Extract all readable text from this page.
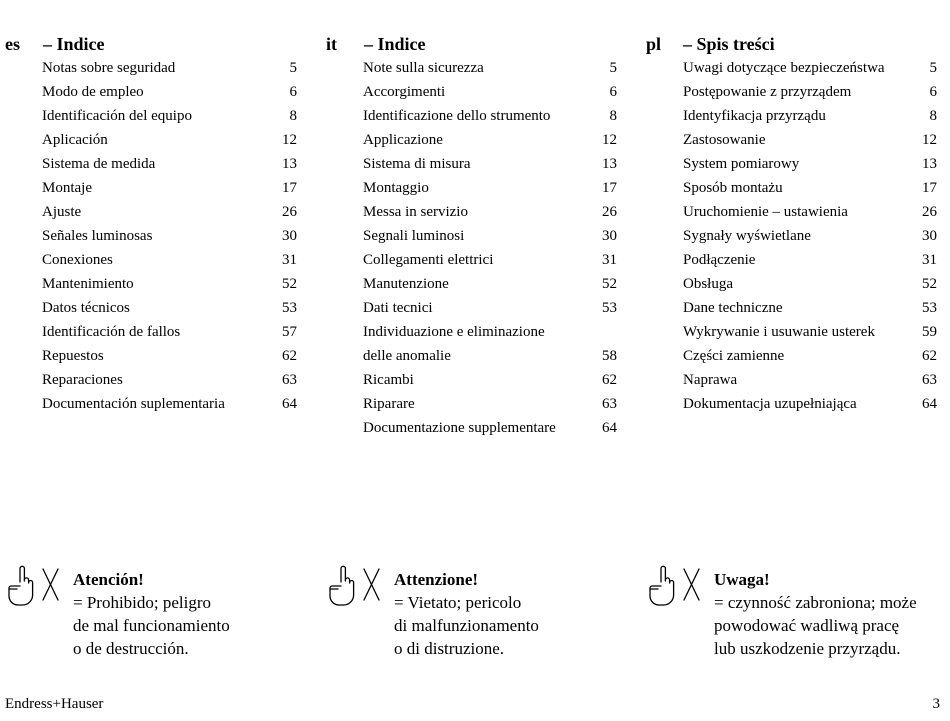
es – Indice
Notas sobre seguridad	5
Modo de empleo	6
Identificación del equipo	8
Aplicación	12
Sistema de medida	13
Montaje	17
Ajuste	26
Señales luminosas	30
Conexiones	31
Mantenimiento	52
Datos técnicos	53
Identificación de fallos	57
Repuestos	62
Reparaciones	63
Documentación suplementaria	64
it – Indice
Note sulla sicurezza	5
Accorgimenti	6
Identificazione dello strumento	8
Applicazione	12
Sistema di misura	13
Montaggio	17
Messa in servizio	26
Segnali luminosi	30
Collegamenti elettrici	31
Manutenzione	52
Dati tecnici	53
Individuazione e eliminazione
delle anomalie	58
Ricambi	62
Riparare	63
Documentazione supplementare	64
pl – Spis treści
Uwagi dotyczące bezpieczeństwa	5
Postępowanie z przyrządem	6
Identyfikacja przyrządu	8
Zastosowanie	12
System pomiarowy	13
Sposób montażu	17
Uruchomienie – ustawienia	26
Sygnały wyświetlane	30
Podłączenie	31
Obsługa	52
Dane techniczne	53
Wykrywanie i usuwanie usterek	59
Części zamienne	62
Naprawa	63
Dokumentacja uzupełniająca	64
Atención!
= Prohibido; peligro
de mal funcionamiento
o de destrucción.
Attenzione!
= Vietato; pericolo
di malfunzionamento
o di distruzione.
Uwaga!
= czynność zabroniona; może
powodować wadliwą pracę
lub uszkodzenie przyrządu.
Endress+Hauser	3
